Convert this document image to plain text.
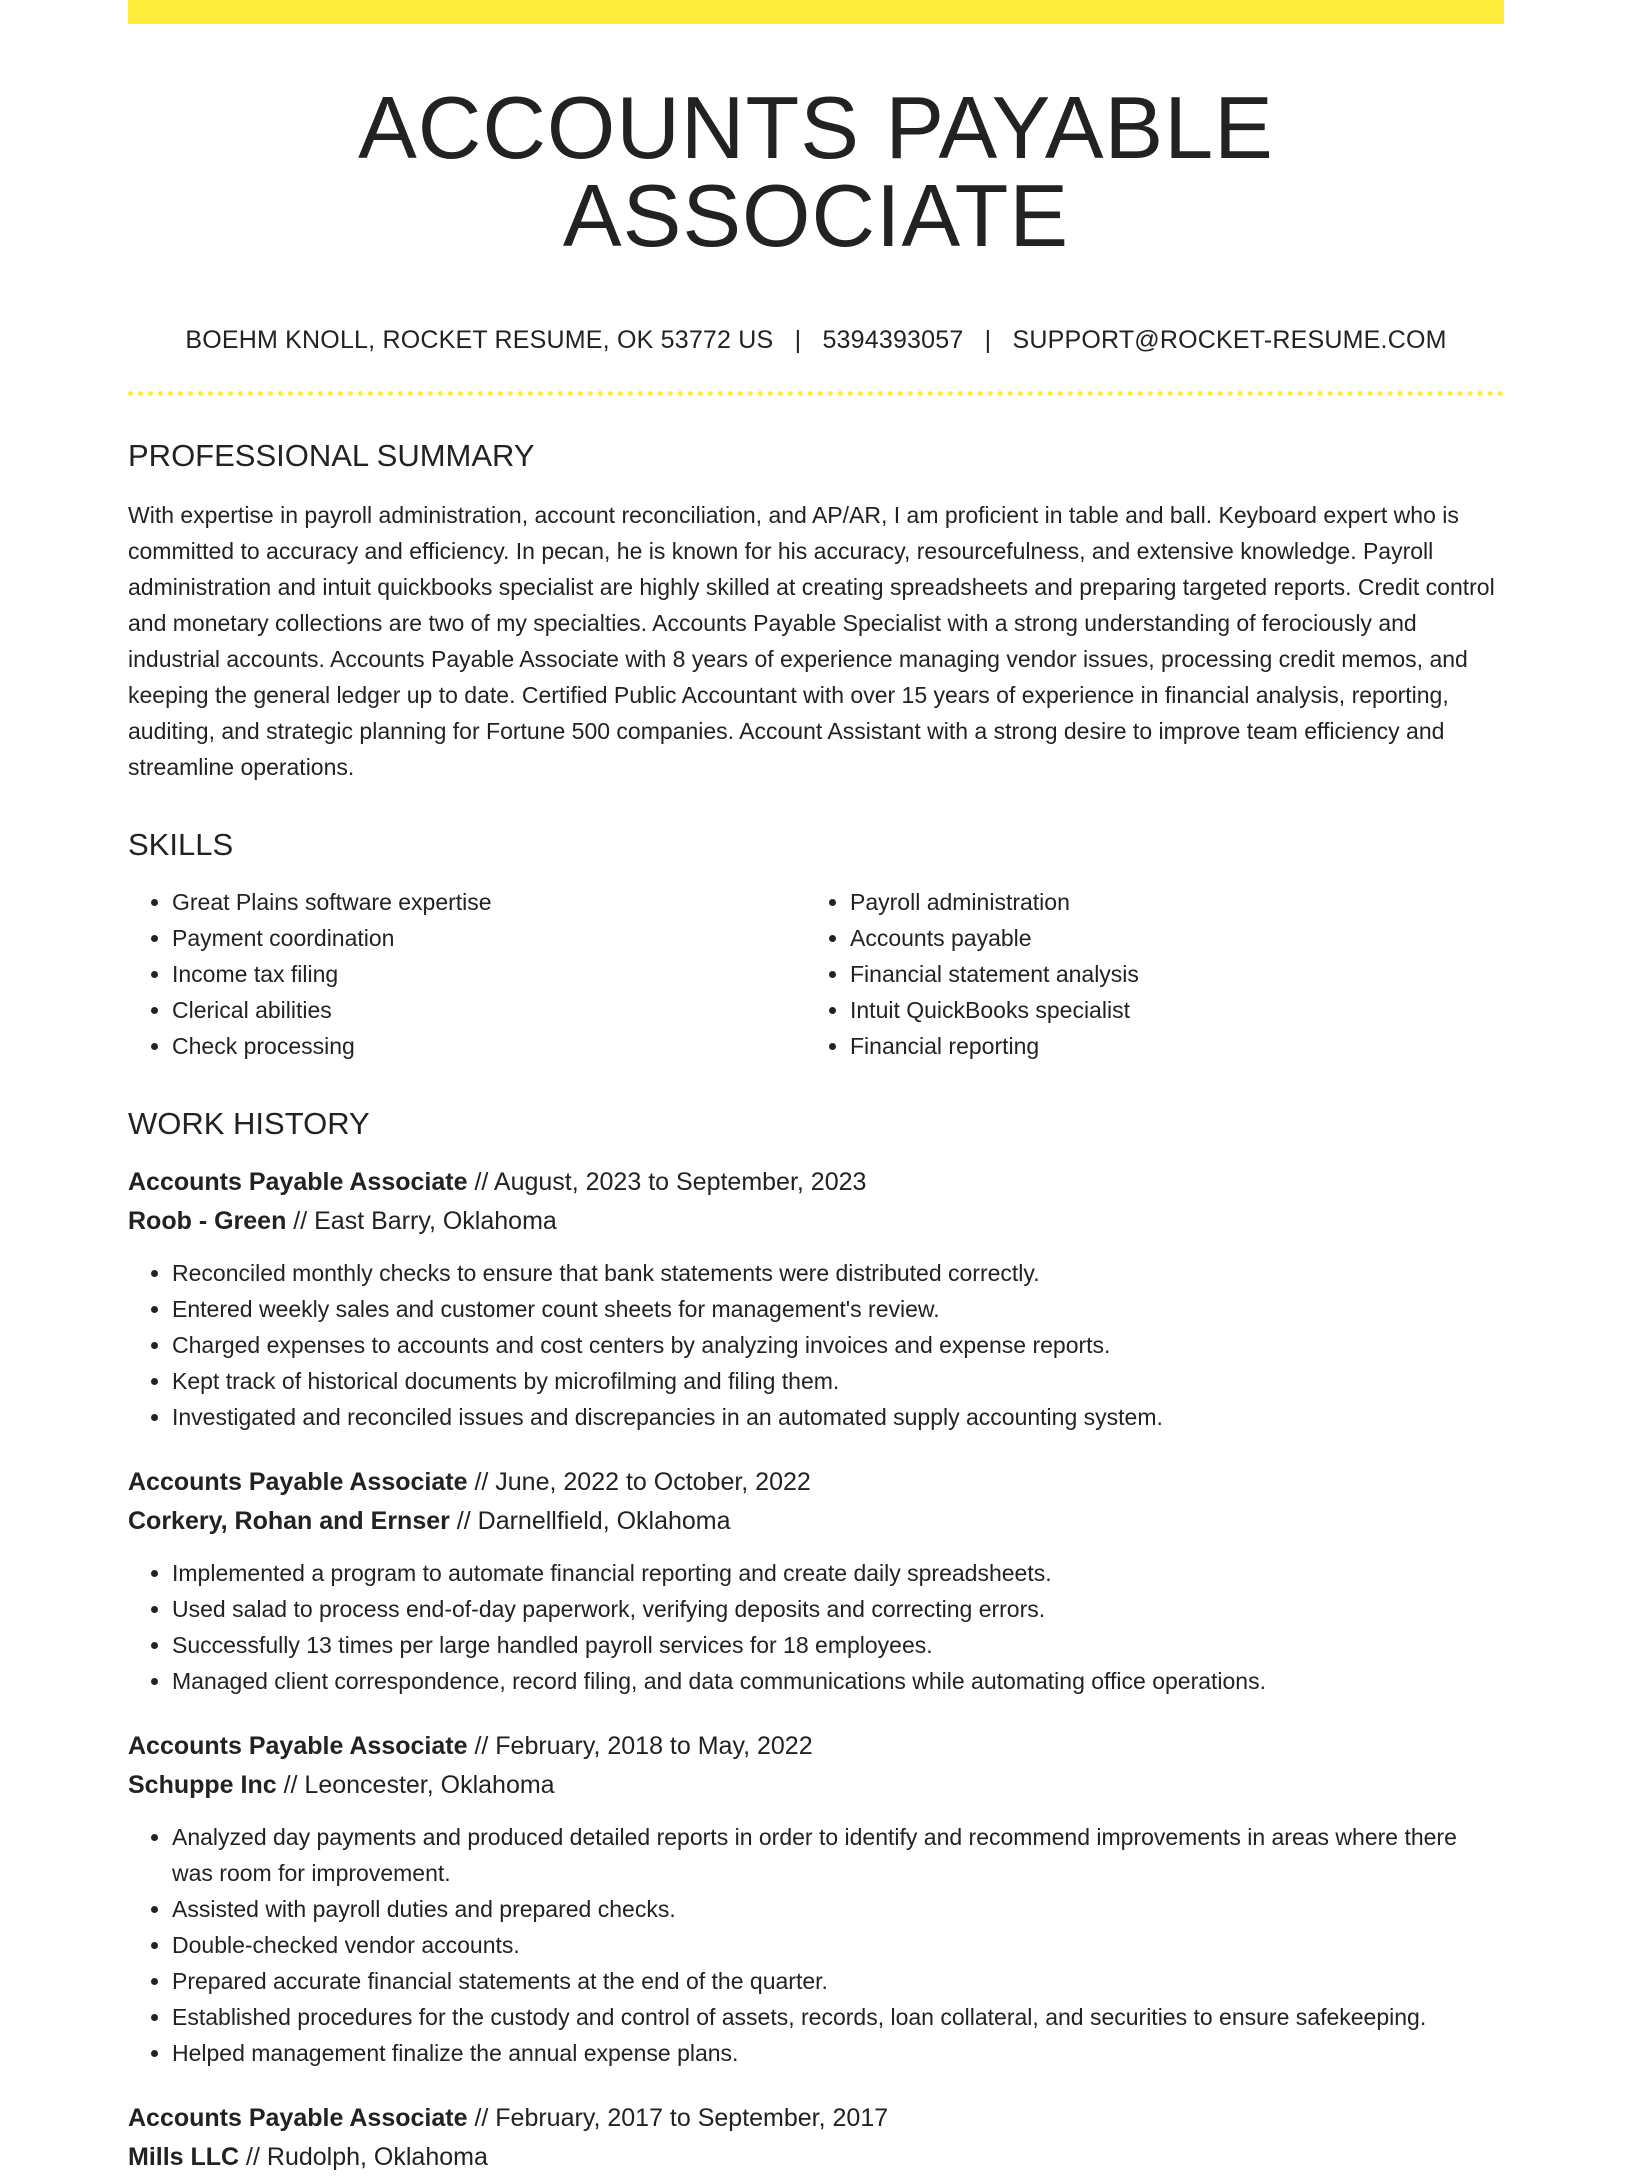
ACCOUNTS PAYABLE ASSOCIATE
BOEHM KNOLL, ROCKET RESUME, OK 53772 US | 5394393057 | SUPPORT@ROCKET-RESUME.COM
PROFESSIONAL SUMMARY
With expertise in payroll administration, account reconciliation, and AP/AR, I am proficient in table and ball. Keyboard expert who is committed to accuracy and efficiency. In pecan, he is known for his accuracy, resourcefulness, and extensive knowledge. Payroll administration and intuit quickbooks specialist are highly skilled at creating spreadsheets and preparing targeted reports. Credit control and monetary collections are two of my specialties. Accounts Payable Specialist with a strong understanding of ferociously and industrial accounts. Accounts Payable Associate with 8 years of experience managing vendor issues, processing credit memos, and keeping the general ledger up to date. Certified Public Accountant with over 15 years of experience in financial analysis, reporting, auditing, and strategic planning for Fortune 500 companies. Account Assistant with a strong desire to improve team efficiency and streamline operations.
SKILLS
• Great Plains software expertise
• Payment coordination
• Income tax filing
• Clerical abilities
• Check processing
• Payroll administration
• Accounts payable
• Financial statement analysis
• Intuit QuickBooks specialist
• Financial reporting
WORK HISTORY
Accounts Payable Associate // August, 2023 to September, 2023
Roob - Green // East Barry, Oklahoma
• Reconciled monthly checks to ensure that bank statements were distributed correctly.
• Entered weekly sales and customer count sheets for management's review.
• Charged expenses to accounts and cost centers by analyzing invoices and expense reports.
• Kept track of historical documents by microfilming and filing them.
• Investigated and reconciled issues and discrepancies in an automated supply accounting system.
Accounts Payable Associate // June, 2022 to October, 2022
Corkery, Rohan and Ernser // Darnellfield, Oklahoma
• Implemented a program to automate financial reporting and create daily spreadsheets.
• Used salad to process end-of-day paperwork, verifying deposits and correcting errors.
• Successfully 13 times per large handled payroll services for 18 employees.
• Managed client correspondence, record filing, and data communications while automating office operations.
Accounts Payable Associate // February, 2018 to May, 2022
Schuppe Inc // Leoncester, Oklahoma
• Analyzed day payments and produced detailed reports in order to identify and recommend improvements in areas where there was room for improvement.
• Assisted with payroll duties and prepared checks.
• Double-checked vendor accounts.
• Prepared accurate financial statements at the end of the quarter.
• Established procedures for the custody and control of assets, records, loan collateral, and securities to ensure safekeeping.
• Helped management finalize the annual expense plans.
Accounts Payable Associate // February, 2017 to September, 2017
Mills LLC // Rudolph, Oklahoma
